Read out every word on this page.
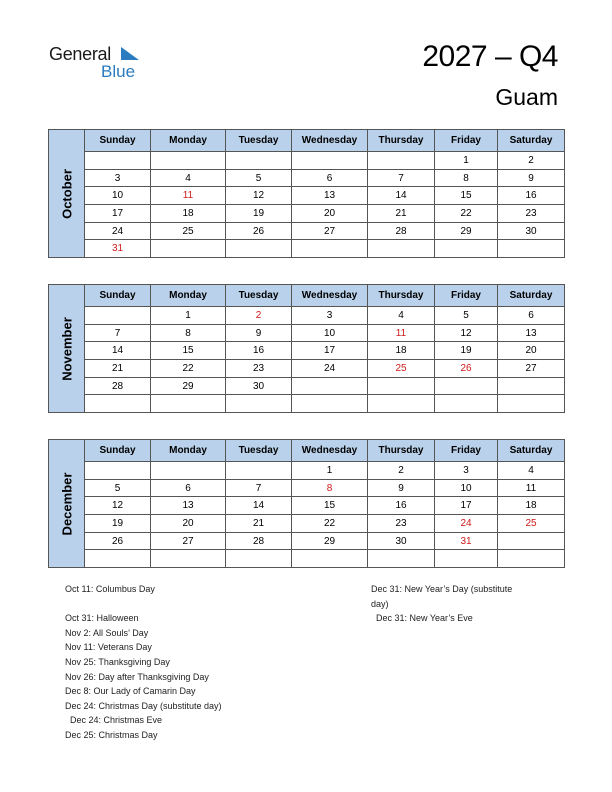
General
Blue	2027 – Q4
Guam
October	Sunday	Monday	Tuesday	Wednesday	Thursday	Friday	Saturday
						1	2
	3	4	5	6	7	8	9
	10	11	12	13	14	15	16
	17	18	19	20	21	22	23
	24	25	26	27	28	29	30
	31						
November	Sunday	Monday	Tuesday	Wednesday	Thursday	Friday	Saturday
		1	2	3	4	5	6
	7	8	9	10	11	12	13
	14	15	16	17	18	19	20
	21	22	23	24	25	26	27
	28	29	30				

December	Sunday	Monday	Tuesday	Wednesday	Thursday	Friday	Saturday
				1	2	3	4
	5	6	7	8	9	10	11
	12	13	14	15	16	17	18
	19	20	21	22	23	24	25
	26	27	28	29	30	31	

Oct 11: Columbus Day
Oct 31: Halloween
Nov 2: All Souls’ Day
Nov 11: Veterans Day
Nov 25: Thanksgiving Day
Nov 26: Day after Thanksgiving Day
Dec 8: Our Lady of Camarin Day
Dec 24: Christmas Day (substitute day)
Dec 24: Christmas Eve
Dec 25: Christmas Day
Dec 31: New Year’s Day (substitute
day)
Dec 31: New Year’s Eve
